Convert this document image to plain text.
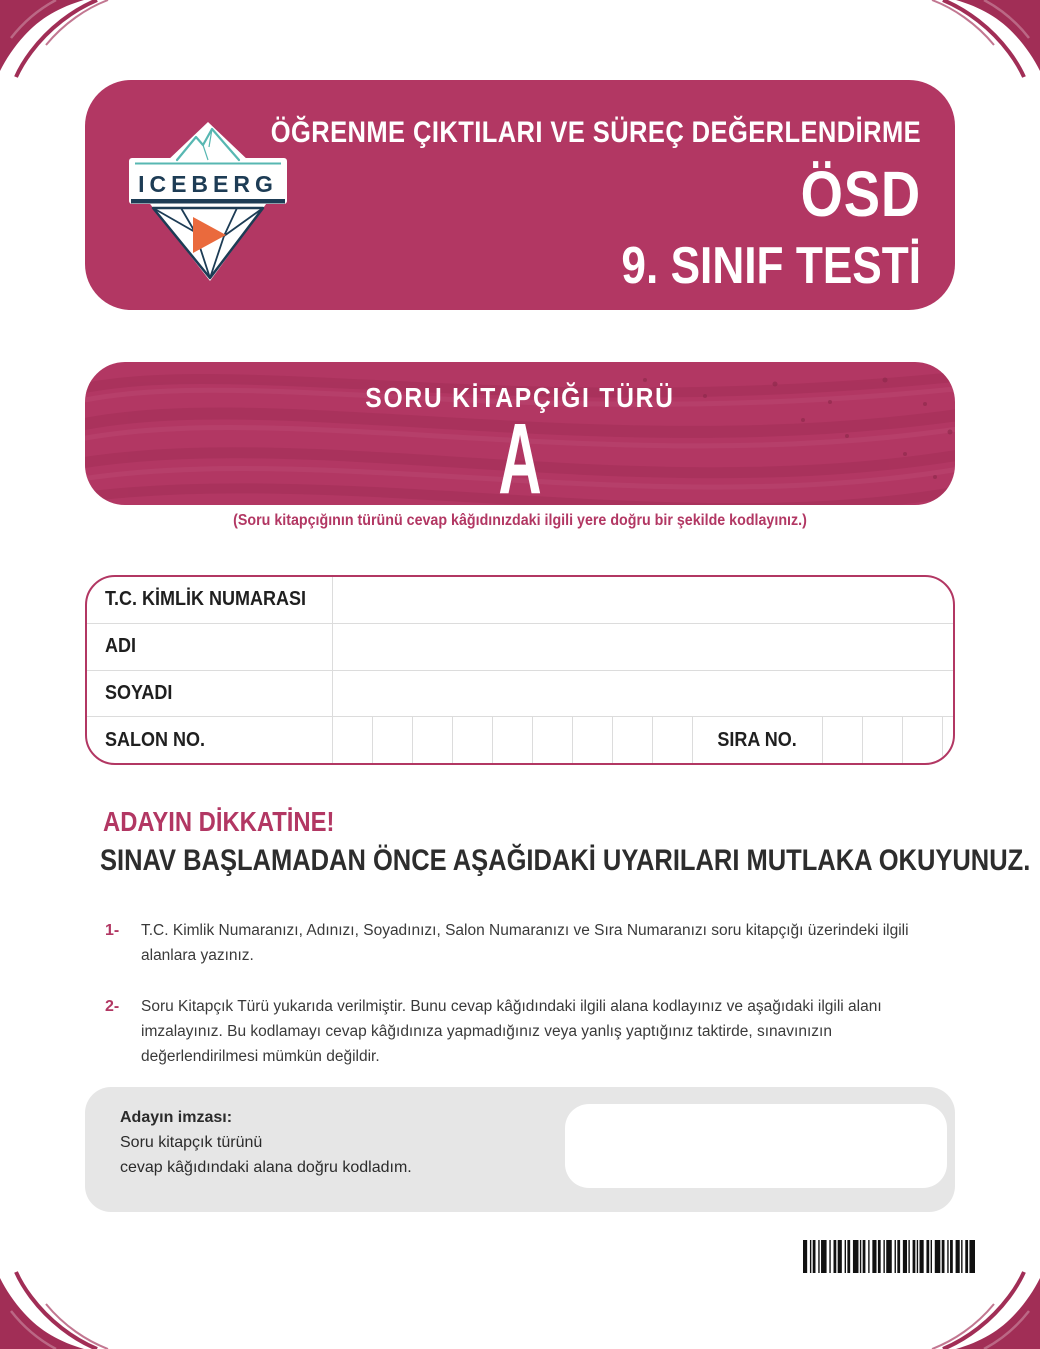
ICEBERG
ÖĞRENME ÇIKTILARI VE SÜREÇ DEĞERLENDİRME
ÖSD
9. SINIF TESTİ
SORU KİTAPÇIĞI TÜRÜ
A
(Soru kitapçığının türünü cevap kâğıdınızdaki ilgili yere doğru bir şekilde kodlayınız.)
T.C. KİMLİK NUMARASI
ADI
SOYADI
SALON NO.	SIRA NO.
ADAYIN DİKKATİNE!
SINAV BAŞLAMADAN ÖNCE AŞAĞIDAKİ UYARILARI MUTLAKA OKUYUNUZ.
1-	T.C. Kimlik Numaranızı, Adınızı, Soyadınızı, Salon Numaranızı ve Sıra Numaranızı soru kitapçığı üzerindeki ilgili alanlara yazınız.
2-	Soru Kitapçık Türü yukarıda verilmiştir. Bunu cevap kâğıdındaki ilgili alana kodlayınız ve aşağıdaki ilgili alanı imzalayınız. Bu kodlamayı cevap kâğıdınıza yapmadığınız veya yanlış yaptığınız taktirde, sınavınızın değerlendirilmesi mümkün değildir.
Adayın imzası:
Soru kitapçık türünü
cevap kâğıdındaki alana doğru kodladım.
